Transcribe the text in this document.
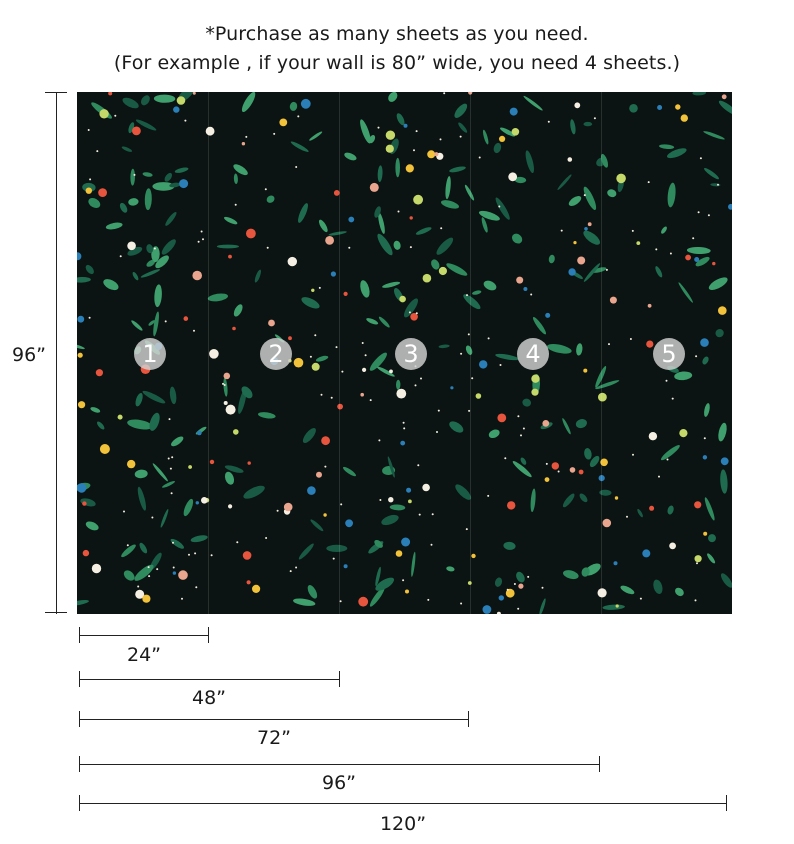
*Purchase as many sheets as you need.
(For example , if your wall is 80” wide, you need 4 sheets.)
96”	1	2	3	4	5
24”
48”
72”
96”
120”
